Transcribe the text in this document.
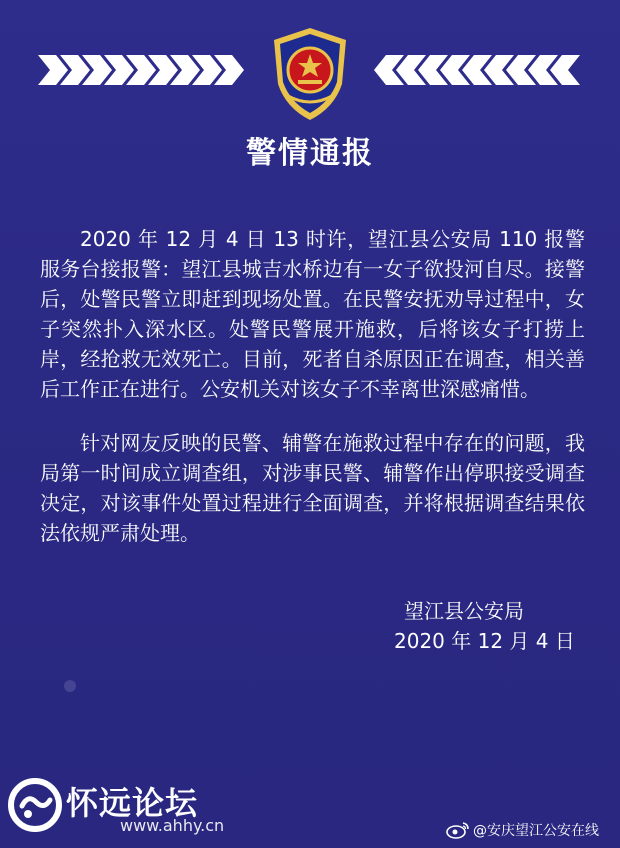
警情通报
2020 年 12 月 4 日 13 时许，望江县公安局 110 报警服务台接报警：望江县城吉水桥边有一女子欲投河自尽。接警后，处警民警立即赶到现场处置。在民警安抚劝导过程中，女子突然扑入深水区。处警民警展开施救，后将该女子打捞上岸，经抢救无效死亡。目前，死者自杀原因正在调查，相关善后工作正在进行。公安机关对该女子不幸离世深感痛惜。
针对网友反映的民警、辅警在施救过程中存在的问题，我局第一时间成立调查组，对涉事民警、辅警作出停职接受调查决定，对该事件处置过程进行全面调查，并将根据调查结果依法依规严肃处理。
望江县公安局
2020 年 12 月 4 日
怀远论坛
www.ahhy.cn	@安庆望江公安在线
